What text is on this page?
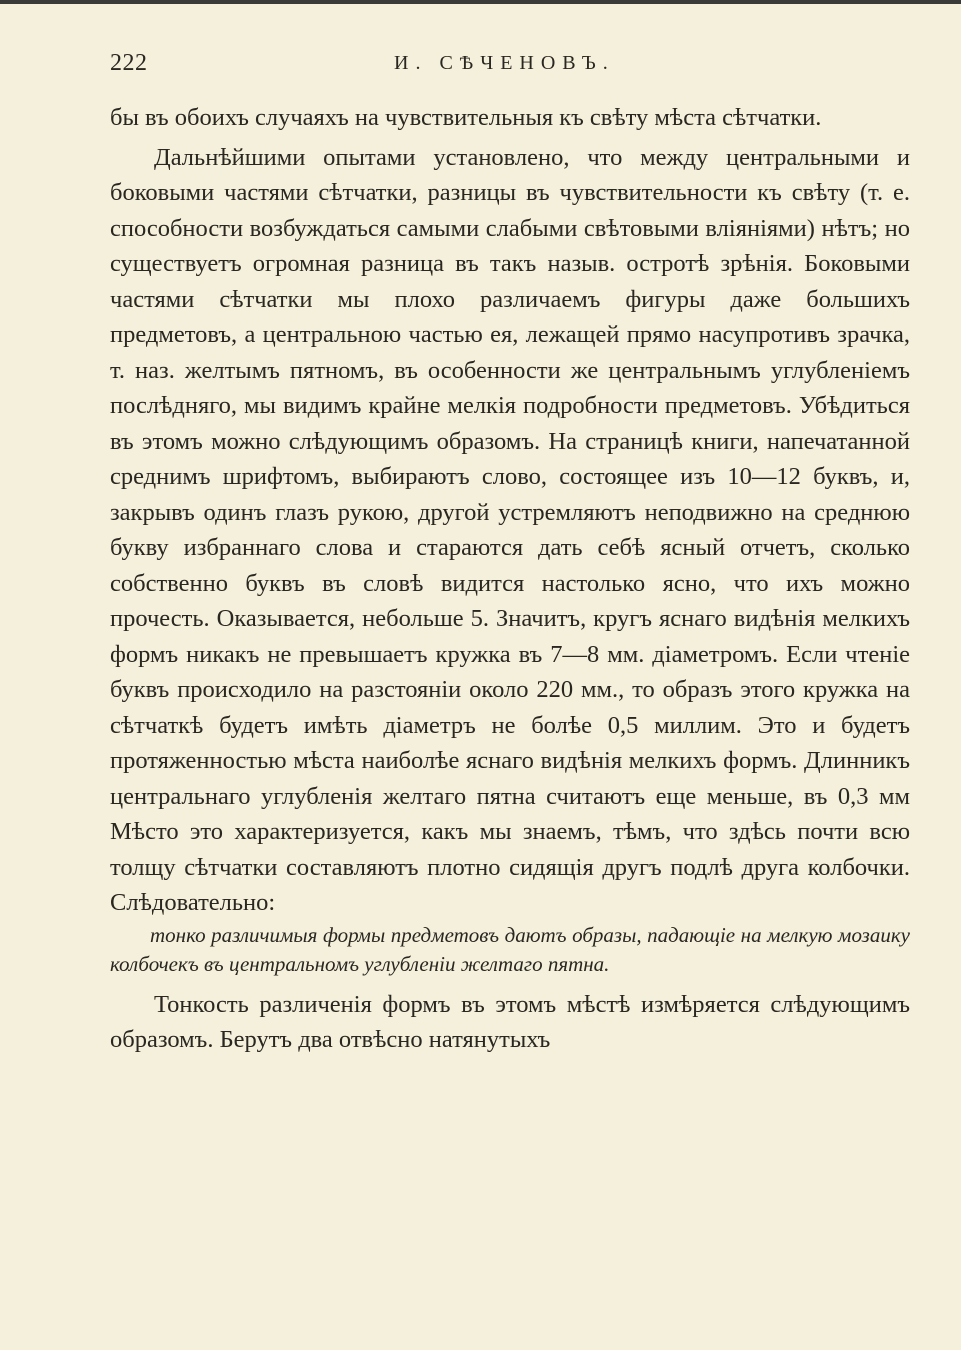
222	И. СѢЧЕНОВЪ.

бы въ обоихъ случаяхъ на чувствительныя къ свѣту мѣста сѣтчатки.

Дальнѣйшими опытами установлено, что между центральными и боковыми частями сѣтчатки, разницы въ чувствительности къ свѣту (т. е. способности возбуждаться самыми слабыми свѣтовыми вліяніями) нѣтъ; но существуетъ огромная разница въ такъ назыв. остротѣ зрѣнія. Боковыми частями сѣтчатки мы плохо различаемъ фигуры даже большихъ предметовъ, а центральною частью ея, лежащей прямо насупротивъ зрачка, т. наз. желтымъ пятномъ, въ особенности же центральнымъ углубленіемъ послѣдняго, мы видимъ крайне мелкія подробности предметовъ. Убѣдиться въ этомъ можно слѣдующимъ образомъ. На страницѣ книги, напечатанной среднимъ шрифтомъ, выбираютъ слово, состоящее изъ 10—12 буквъ, и, закрывъ одинъ глазъ рукою, другой устремляютъ неподвижно на среднюю букву избраннаго слова и стараются дать себѣ ясный отчетъ, сколько собственно буквъ въ словѣ видится настолько ясно, что ихъ можно прочесть. Оказывается, небольше 5. Значитъ, кругъ яснаго видѣнія мелкихъ формъ никакъ не превышаетъ кружка въ 7—8 мм. діаметромъ. Если чтеніе буквъ происходило на разстояніи около 220 мм., то образъ этого кружка на сѣтчаткѣ будетъ имѣть діаметръ не болѣе 0,5 миллим. Это и будетъ протяженностью мѣста наиболѣе яснаго видѣнія мелкихъ формъ. Длинникъ центральнаго углубленія желтаго пятна считаютъ еще меньше, въ 0,3 мм Мѣсто это характеризуется, какъ мы знаемъ, тѣмъ, что здѣсь почти всю толщу сѣтчатки составляютъ плотно сидящія другъ подлѣ друга колбочки. Слѣдовательно:

тонко различимыя формы предметовъ даютъ образы, падающіе на мелкую мозаику колбочекъ въ центральномъ углубленіи желтаго пятна.

Тонкость различенія формъ въ этомъ мѣстѣ измѣряется слѣдующимъ образомъ. Берутъ два отвѣсно натянутыхъ
